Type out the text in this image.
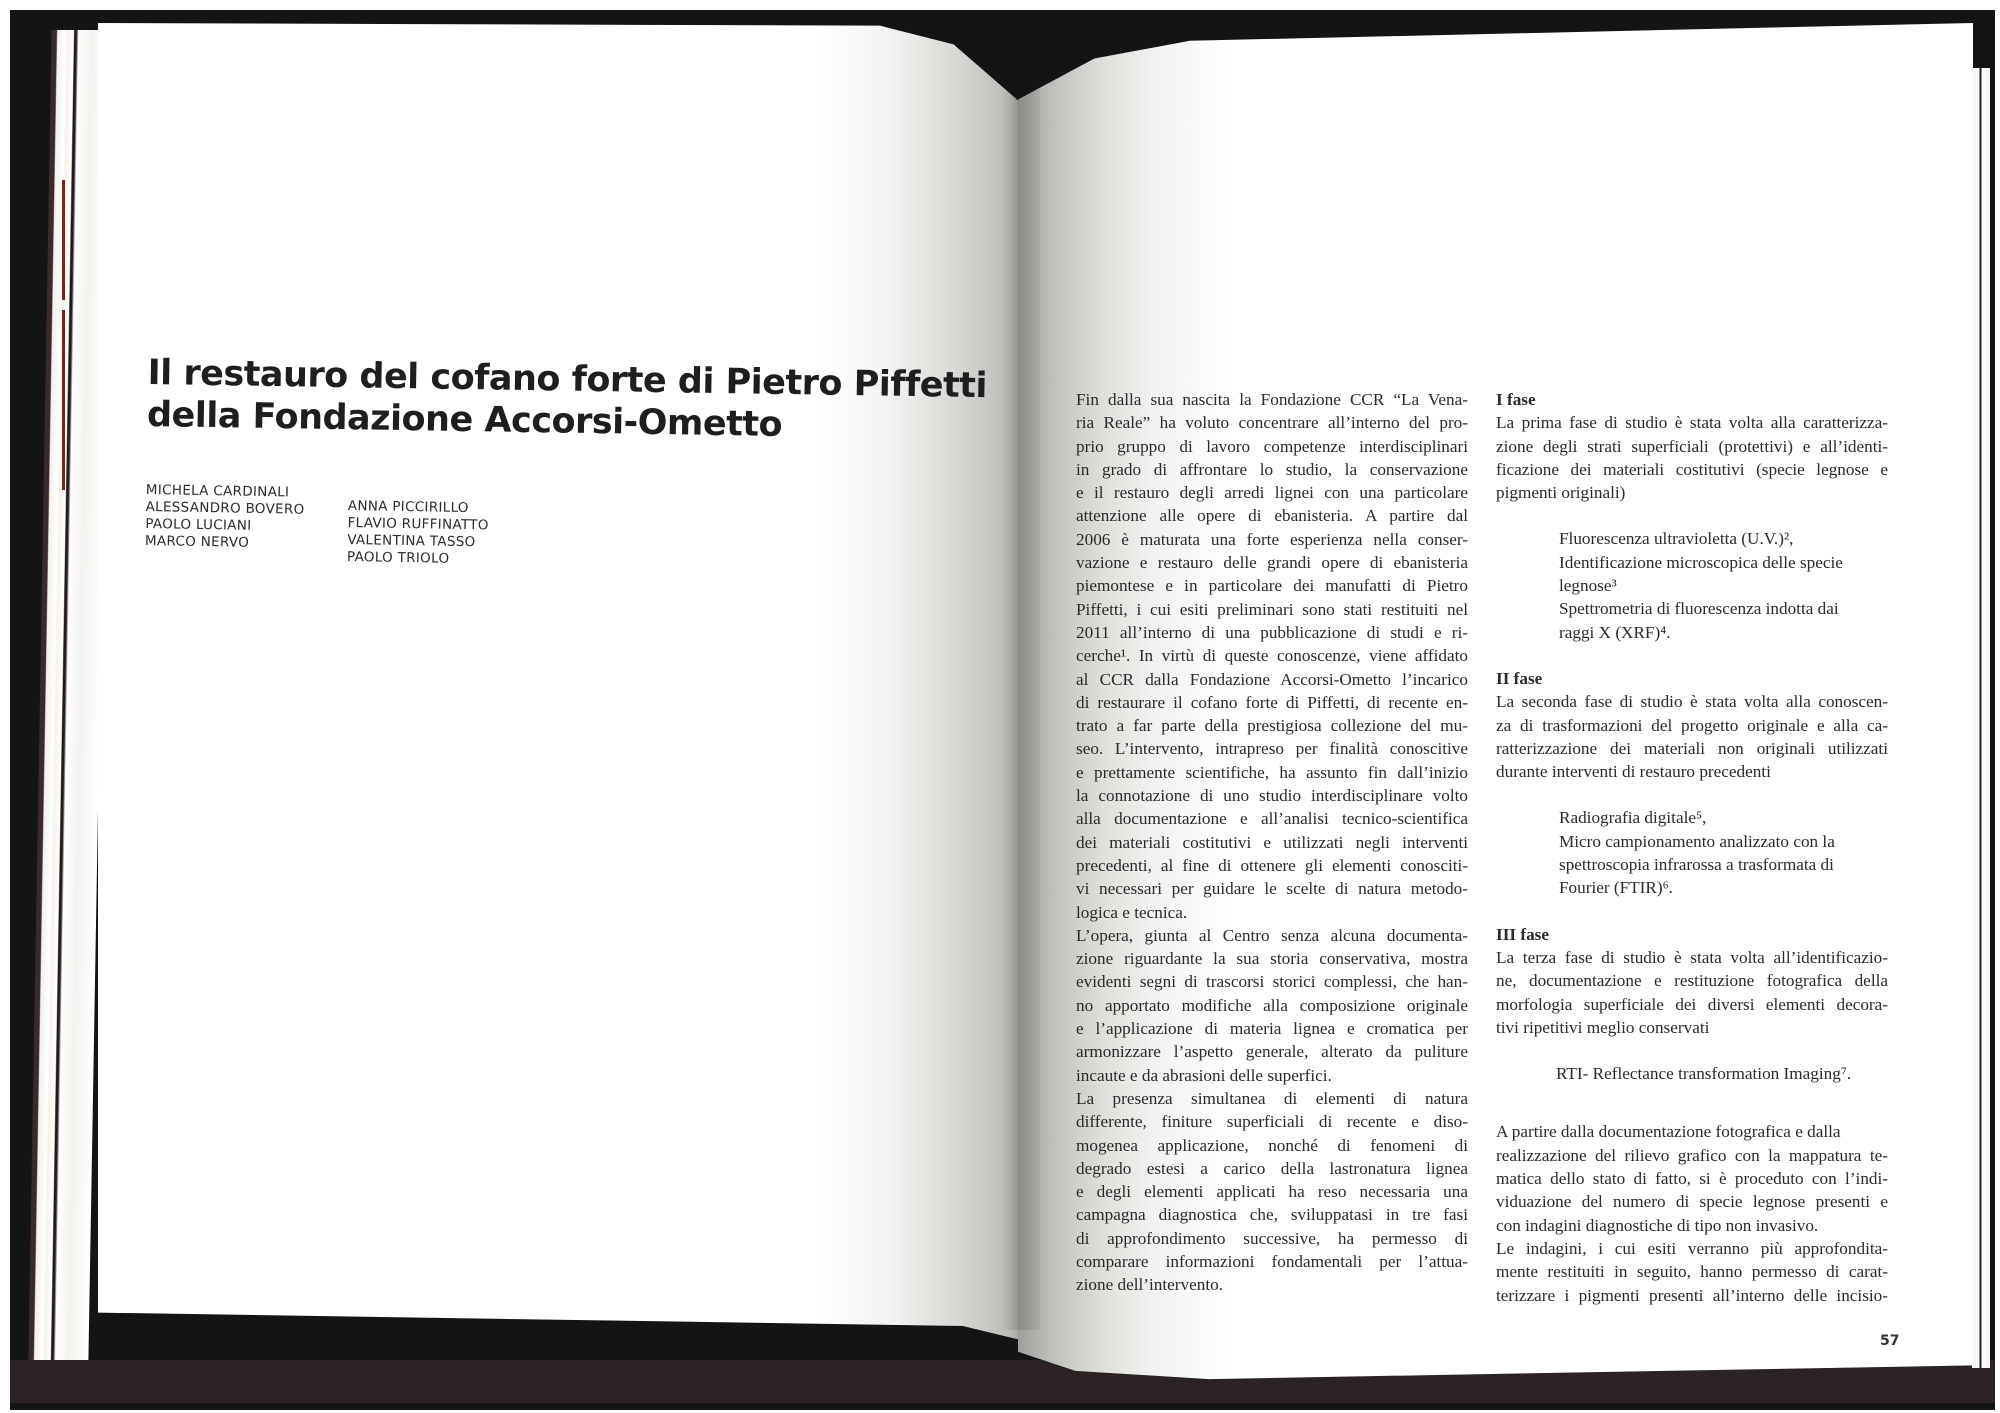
Il restauro del cofano forte di Pietro Piffetti
della Fondazione Accorsi-Ometto
MICHELA CARDINALI
ALESSANDRO BOVERO
PAOLO LUCIANI
MARCO NERVO
ANNA PICCIRILLO
FLAVIO RUFFINATTO
VALENTINA TASSO
PAOLO TRIOLO
Fin dalla sua nascita la Fondazione CCR “La Vena-
ria Reale” ha voluto concentrare all’interno del pro-
prio gruppo di lavoro competenze interdisciplinari
in grado di affrontare lo studio, la conservazione
e il restauro degli arredi lignei con una particolare
attenzione alle opere di ebanisteria. A partire dal
2006 è maturata una forte esperienza nella conser-
vazione e restauro delle grandi opere di ebanisteria
piemontese e in particolare dei manufatti di Pietro
Piffetti, i cui esiti preliminari sono stati restituiti nel
2011 all’interno di una pubblicazione di studi e ri-
cerche¹. In virtù di queste conoscenze, viene affidato
al CCR dalla Fondazione Accorsi-Ometto l’incarico
di restaurare il cofano forte di Piffetti, di recente en-
trato a far parte della prestigiosa collezione del mu-
seo. L’intervento, intrapreso per finalità conoscitive
e prettamente scientifiche, ha assunto fin dall’inizio
la connotazione di uno studio interdisciplinare volto
alla documentazione e all’analisi tecnico-scientifica
dei materiali costitutivi e utilizzati negli interventi
precedenti, al fine di ottenere gli elementi conosciti-
vi necessari per guidare le scelte di natura metodo-
logica e tecnica.
L’opera, giunta al Centro senza alcuna documenta-
zione riguardante la sua storia conservativa, mostra
evidenti segni di trascorsi storici complessi, che han-
no apportato modifiche alla composizione originale
e l’applicazione di materia lignea e cromatica per
armonizzare l’aspetto generale, alterato da puliture
incaute e da abrasioni delle superfici.
La presenza simultanea di elementi di natura
differente, finiture superficiali di recente e diso-
mogenea applicazione, nonché di fenomeni di
degrado estesi a carico della lastronatura lignea
e degli elementi applicati ha reso necessaria una
campagna diagnostica che, sviluppatasi in tre fasi
di approfondimento successive, ha permesso di
comparare informazioni fondamentali per l’attua-
zione dell’intervento.

I fase

La prima fase di studio è stata volta alla caratterizza-
zione degli strati superficiali (protettivi) e all’identi-
ficazione dei materiali costitutivi (specie legnose e
pigmenti originali)
Fluorescenza ultravioletta (U.V.)²,
Identificazione microscopica delle specie
legnose³
Spettrometria di fluorescenza indotta dai
raggi X (XRF)⁴.

II fase

La seconda fase di studio è stata volta alla conoscen-
za di trasformazioni del progetto originale e alla ca-
ratterizzazione dei materiali non originali utilizzati
durante interventi di restauro precedenti
Radiografia digitale⁵,
Micro campionamento analizzato con la
spettroscopia infrarossa a trasformata di
Fourier (FTIR)⁶.

III fase

La terza fase di studio è stata volta all’identificazio-
ne, documentazione e restituzione fotografica della
morfologia superficiale dei diversi elementi decora-
tivi ripetitivi meglio conservati
RTI- Reflectance transformation Imaging⁷.
A partire dalla documentazione fotografica e dalla
realizzazione del rilievo grafico con la mappatura te-
matica dello stato di fatto, si è proceduto con l’indi-
viduazione del numero di specie legnose presenti e
con indagini diagnostiche di tipo non invasivo.
Le indagini, i cui esiti verranno più approfondita-
mente restituiti in seguito, hanno permesso di carat-
terizzare i pigmenti presenti all’interno delle incisio-
57
